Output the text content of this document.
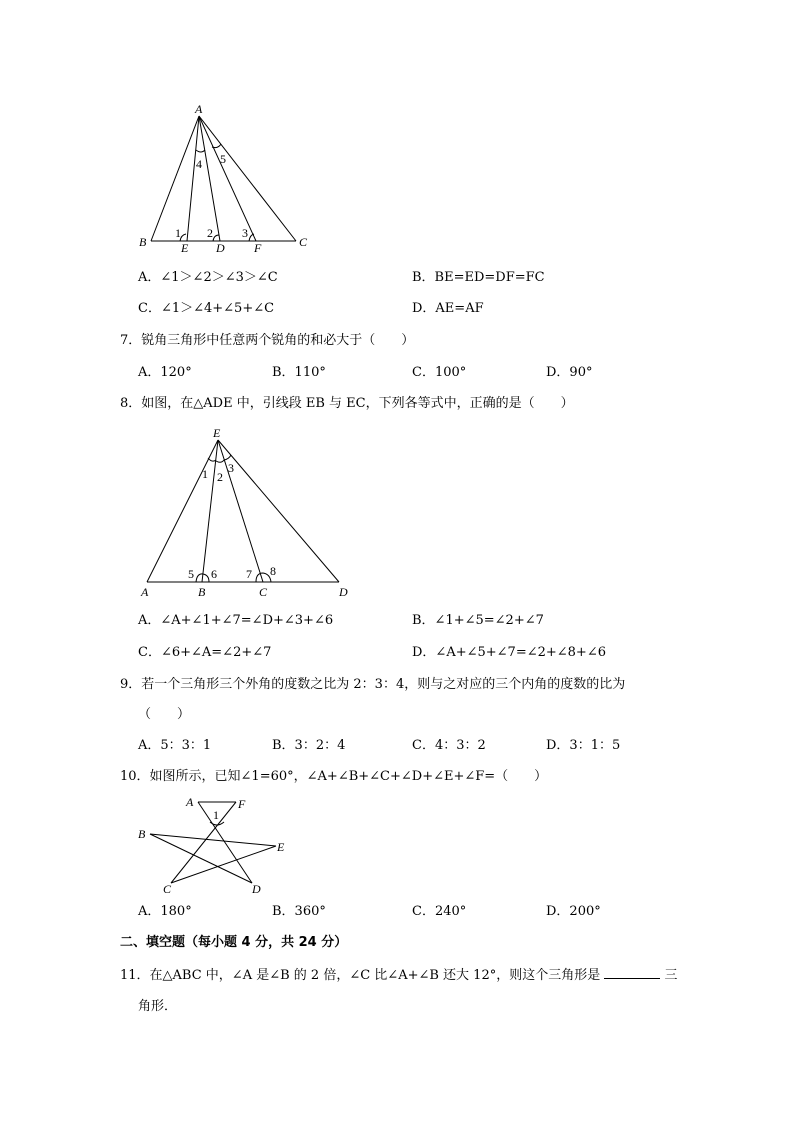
A
B	C
E D F
1 2 3
4 5
E
A	B	C	D
1 2
3
5 6 7 8
A	F
B
E
C	D
1
A．∠1＞∠2＞∠3＞∠C	B．BE=ED=DF=FC
C．∠1＞∠4+∠5+∠C	D．AE=AF
7．锐角三角形中任意两个锐角的和必大于（　　）
A．120°	B．110°	C．100°	D．90°
8．如图，在△ADE 中，引线段 EB 与 EC，下列各等式中，正确的是（　　）
A．∠A+∠1+∠7=∠D+∠3+∠6	B．∠1+∠5=∠2+∠7
C．∠6+∠A=∠2+∠7	D．∠A+∠5+∠7=∠2+∠8+∠6
9．若一个三角形三个外角的度数之比为 2：3：4，则与之对应的三个内角的度数的比为
（　　）
A．5：3：1	B．3：2：4	C．4：3：2	D．3：1：5
10．如图所示，已知∠1=60°，∠A+∠B+∠C+∠D+∠E+∠F=（　　）
A．180°	B．360°	C．240°	D．200°
二、填空题（每小题 4 分，共 24 分）
11．在△ABC 中，∠A 是∠B 的 2 倍，∠C 比∠A+∠B 还大 12°，则这个三角形是	三
角形．
